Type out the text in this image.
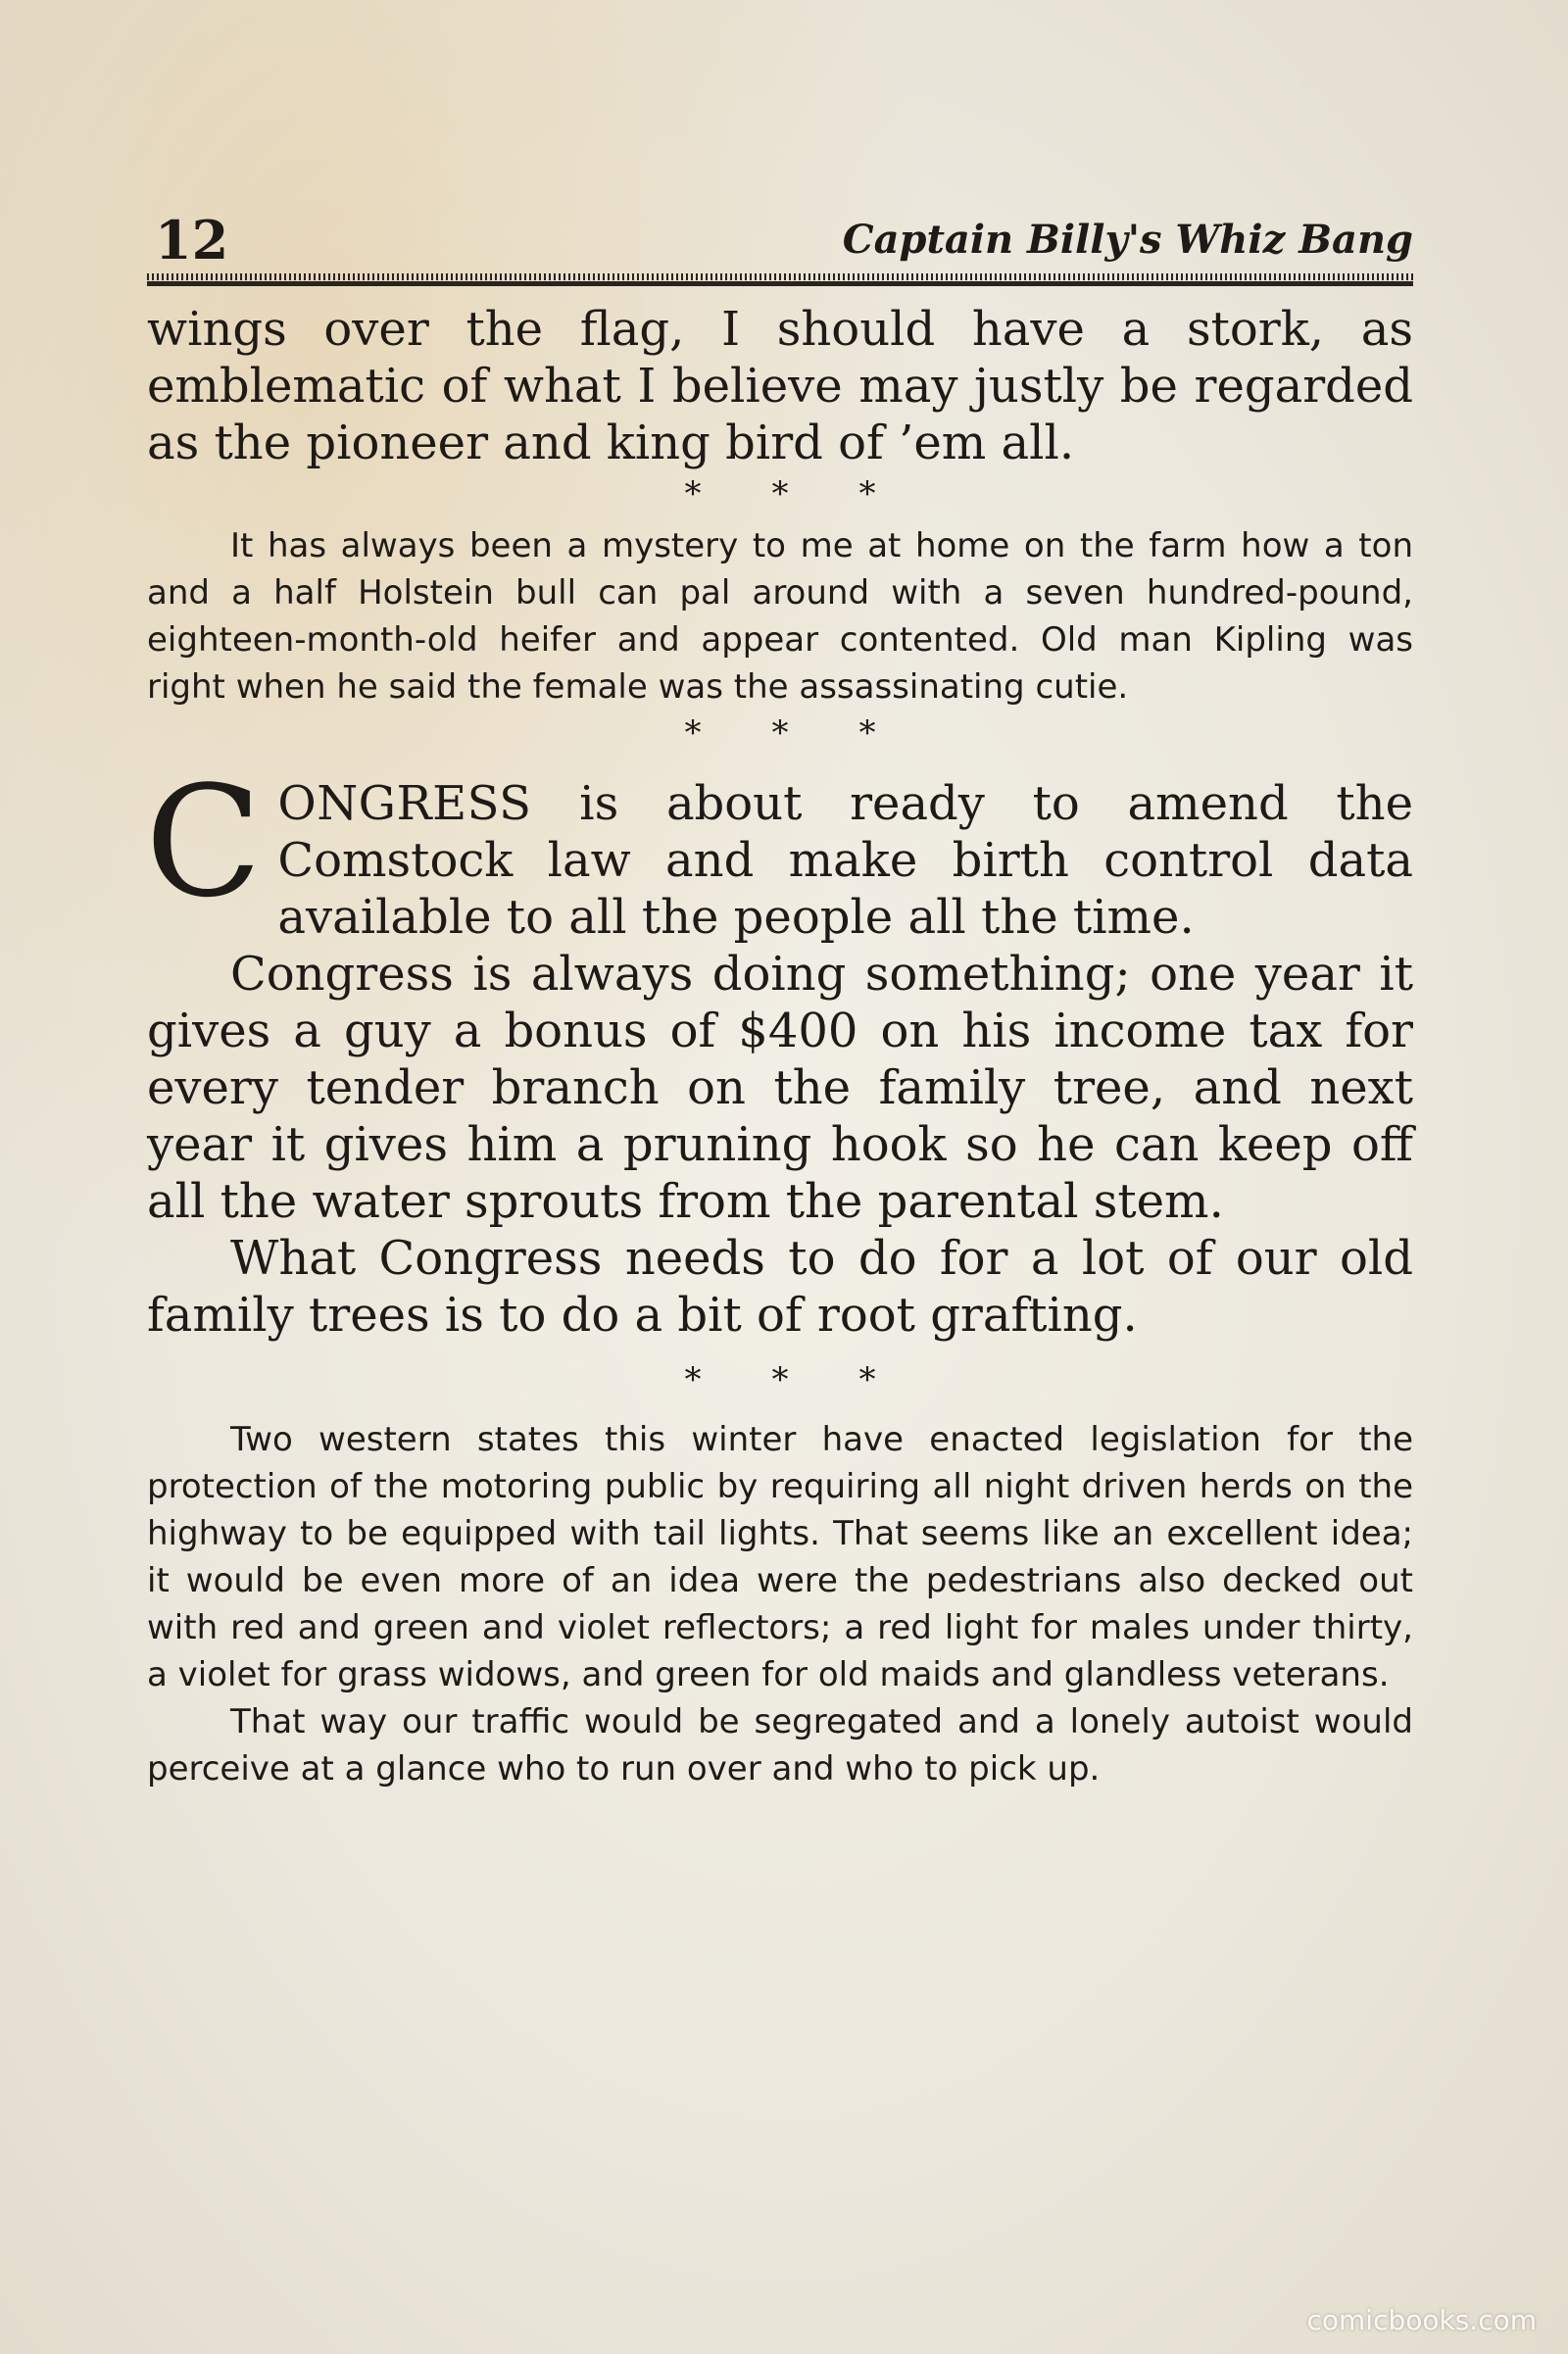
12	Captain Billy's Whiz Bang

wings over the flag, I should have a stork, as emblematic of what I believe may justly be regarded as the pioneer and king bird of ’em all.

* * *

It has always been a mystery to me at home on the farm how a ton and a half Holstein bull can pal around with a seven hundred-pound, eighteen-month-old heifer and appear contented. Old man Kipling was right when he said the female was the assassinating cutie.

* * *

CONGRESS is about ready to amend the Comstock law and make birth control data available to all the people all the time.

Congress is always doing something; one year it gives a guy a bonus of $400 on his income tax for every tender branch on the family tree, and next year it gives him a pruning hook so he can keep off all the water sprouts from the parental stem.

What Congress needs to do for a lot of our old family trees is to do a bit of root grafting.

* * *

Two western states this winter have enacted legislation for the protection of the motoring public by requiring all night driven herds on the highway to be equipped with tail lights. That seems like an excellent idea; it would be even more of an idea were the pedestrians also decked out with red and green and violet reflectors; a red light for males under thirty, a violet for grass widows, and green for old maids and glandless veterans.

That way our traffic would be segregated and a lonely autoist would perceive at a glance who to run over and who to pick up.

comicbooks.com
